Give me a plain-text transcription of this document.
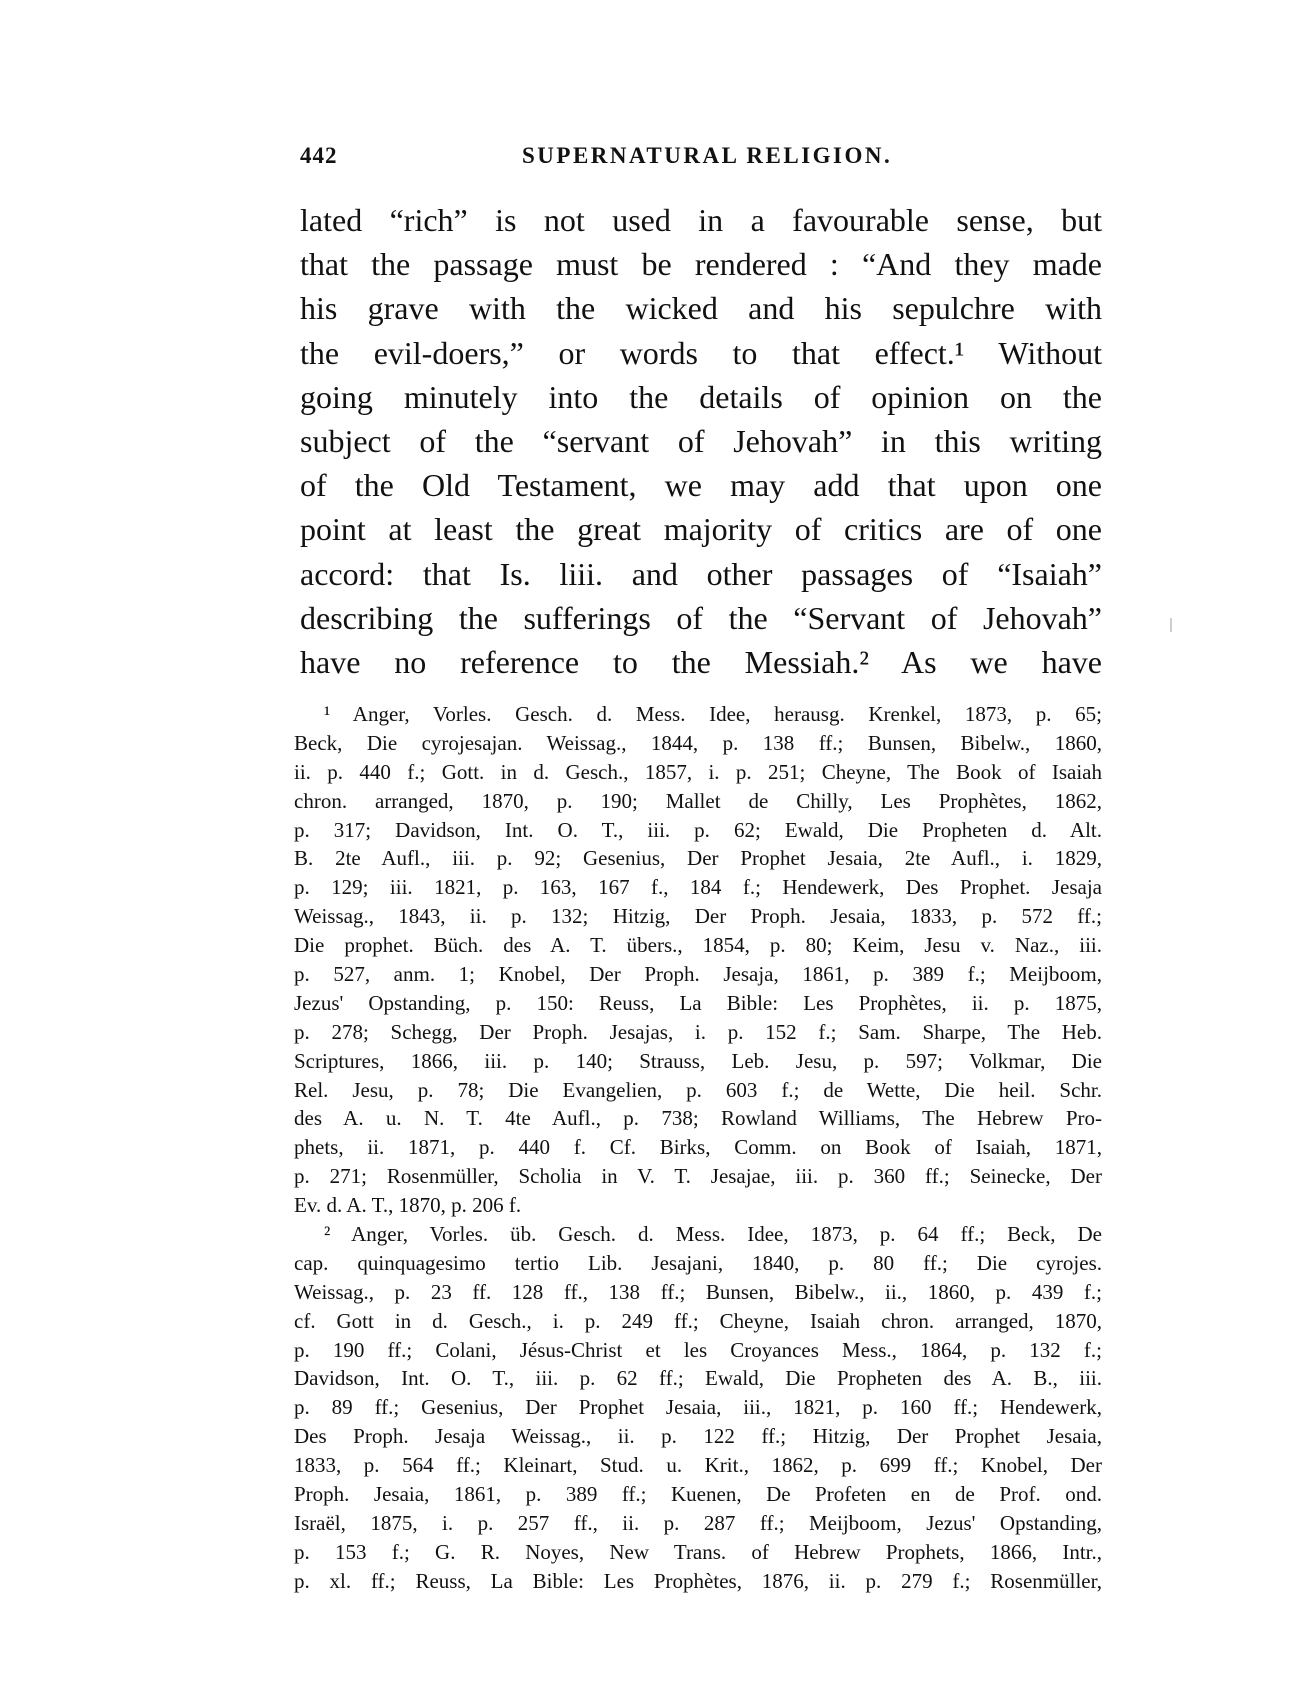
442	SUPERNATURAL RELIGION.
lated “rich” is not used in a favourable sense, but
that the passage must be rendered : “And they made
his grave with the wicked and his sepulchre with
the evil-doers,” or words to that effect.¹ Without
going minutely into the details of opinion on the
subject of the “servant of Jehovah” in this writing
of the Old Testament, we may add that upon one
point at least the great majority of critics are of one
accord: that Is. liii. and other passages of “Isaiah”
describing the sufferings of the “Servant of Jehovah”
have no reference to the Messiah.² As we have
¹ Anger, Vorles. Gesch. d. Mess. Idee, herausg. Krenkel, 1873, p. 65;
Beck, Die cyrojesajan. Weissag., 1844, p. 138 ff.; Bunsen, Bibelw., 1860,
ii. p. 440 f.; Gott. in d. Gesch., 1857, i. p. 251; Cheyne, The Book of Isaiah
chron. arranged, 1870, p. 190; Mallet de Chilly, Les Prophètes, 1862,
p. 317; Davidson, Int. O. T., iii. p. 62; Ewald, Die Propheten d. Alt.
B. 2te Aufl., iii. p. 92; Gesenius, Der Prophet Jesaia, 2te Aufl., i. 1829,
p. 129; iii. 1821, p. 163, 167 f., 184 f.; Hendewerk, Des Prophet. Jesaja
Weissag., 1843, ii. p. 132; Hitzig, Der Proph. Jesaia, 1833, p. 572 ff.;
Die prophet. Büch. des A. T. übers., 1854, p. 80; Keim, Jesu v. Naz., iii.
p. 527, anm. 1; Knobel, Der Proph. Jesaja, 1861, p. 389 f.; Meijboom,
Jezus' Opstanding, p. 150: Reuss, La Bible: Les Prophètes, ii. p. 1875,
p. 278; Schegg, Der Proph. Jesajas, i. p. 152 f.; Sam. Sharpe, The Heb.
Scriptures, 1866, iii. p. 140; Strauss, Leb. Jesu, p. 597; Volkmar, Die
Rel. Jesu, p. 78; Die Evangelien, p. 603 f.; de Wette, Die heil. Schr.
des A. u. N. T. 4te Aufl., p. 738; Rowland Williams, The Hebrew Pro-
phets, ii. 1871, p. 440 f. Cf. Birks, Comm. on Book of Isaiah, 1871,
p. 271; Rosenmüller, Scholia in V. T. Jesajae, iii. p. 360 ff.; Seinecke, Der
Ev. d. A. T., 1870, p. 206 f.
² Anger, Vorles. üb. Gesch. d. Mess. Idee, 1873, p. 64 ff.; Beck, De
cap. quinquagesimo tertio Lib. Jesajani, 1840, p. 80 ff.; Die cyrojes.
Weissag., p. 23 ff. 128 ff., 138 ff.; Bunsen, Bibelw., ii., 1860, p. 439 f.;
cf. Gott in d. Gesch., i. p. 249 ff.; Cheyne, Isaiah chron. arranged, 1870,
p. 190 ff.; Colani, Jésus-Christ et les Croyances Mess., 1864, p. 132 f.;
Davidson, Int. O. T., iii. p. 62 ff.; Ewald, Die Propheten des A. B., iii.
p. 89 ff.; Gesenius, Der Prophet Jesaia, iii., 1821, p. 160 ff.; Hendewerk,
Des Proph. Jesaja Weissag., ii. p. 122 ff.; Hitzig, Der Prophet Jesaia,
1833, p. 564 ff.; Kleinart, Stud. u. Krit., 1862, p. 699 ff.; Knobel, Der
Proph. Jesaia, 1861, p. 389 ff.; Kuenen, De Profeten en de Prof. ond.
Israël, 1875, i. p. 257 ff., ii. p. 287 ff.; Meijboom, Jezus' Opstanding,
p. 153 f.; G. R. Noyes, New Trans. of Hebrew Prophets, 1866, Intr.,
p. xl. ff.; Reuss, La Bible: Les Prophètes, 1876, ii. p. 279 f.; Rosenmüller,
